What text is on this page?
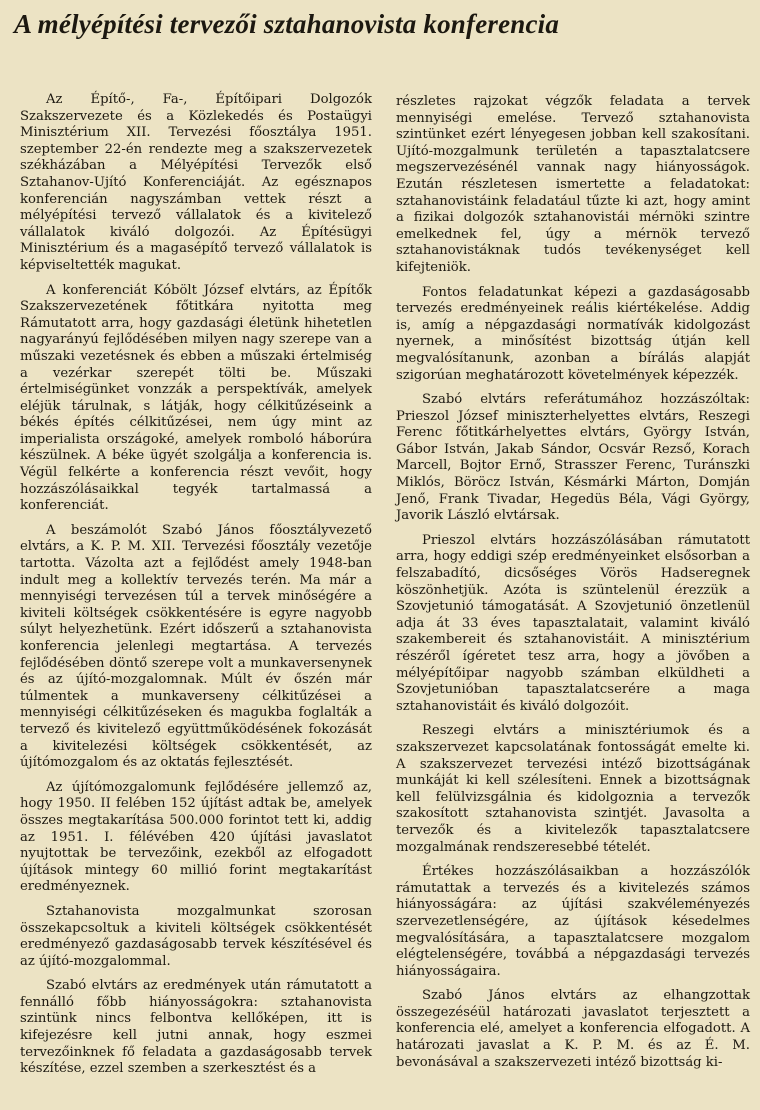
A mélyépítési tervezői sztahanovista konferencia

Az Építő-, Fa-, Építőipari Dolgozók Szakszervezete és a Közlekedés és Postaügyi Minisztérium XII. Tervezési főosztálya 1951. szeptember 22-én rendezte meg a szakszervezetek székházában a Mélyépítési Tervezők első Sztahanov-Ujító Konferenciáját. Az egésznapos konferencián nagyszámban vettek részt a mélyépítési tervező vállalatok és a kivitelező vállalatok kiváló dolgozói. Az Építésügyi Minisztérium és a magasépítő tervező vállalatok is képviseltették magukat.

A konferenciát Kóbölt József elvtárs, az Építők Szakszervezetének főtitkára nyitotta meg Rámutatott arra, hogy gazdasági életünk hihetetlen nagyarányú fejlődésében milyen nagy szerepe van a műszaki vezetésnek és ebben a műszaki értelmiség a vezérkar szerepét tölti be. Műszaki értelmiségünket vonzzák a perspektívák, amelyek eléjük tárulnak, s látják, hogy célkitűzéseink a békés építés célkitűzései, nem úgy mint az imperialista országoké, amelyek romboló háborúra készülnek. A béke ügyét szolgálja a konferencia is. Végül felkérte a konferencia részt vevőit, hogy hozzászólásaikkal tegyék tartalmassá a konferenciát.

A beszámolót Szabó János főosztályvezető elvtárs, a K. P. M. XII. Tervezési főosztály vezetője tartotta. Vázolta azt a fejlődést amely 1948-ban indult meg a kollektív tervezés terén. Ma már a mennyiségi tervezésen túl a tervek minőségére a kiviteli költségek csökkentésére is egyre nagyobb súlyt helyezhetünk. Ezért időszerű a sztahanovista konferencia jelenlegi megtartása. A tervezés fejlődésében döntő szerepe volt a munkaversenynek és az újító-mozgalomnak. Múlt év őszén már túlmentek a munkaverseny célkitűzései a mennyiségi célkitűzéseken és magukba foglalták a tervező és kivitelező együttműködésének fokozását a kivitelezési költségek csökkentését, az újítómozgalom és az oktatás fejlesztését.

Az újítómozgalomunk fejlődésére jellemző az, hogy 1950. II felében 152 újítást adtak be, amelyek összes megtakarítása 500.000 forintot tett ki, addig az 1951. I. félévében 420 újítási javaslatot nyujtottak be tervezőink, ezekből az elfogadott újítások mintegy 60 millió forint megtakarítást eredményeznek.

Sztahanovista mozgalmunkat szorosan összekapcsoltuk a kiviteli költségek csökkentését eredményező gazdaságosabb tervek készítésével és az újító-mozgalommal.

Szabó elvtárs az eredmények után rámutatott a fennálló főbb hiányosságokra: sztahanovista szintünk nincs felbontva kellőképen, itt is kifejezésre kell jutni annak, hogy eszmei tervezőinknek fő feladata a gazdaságosabb tervek készítése, ezzel szemben a szerkesztést és a

részletes rajzokat végzők feladata a tervek mennyiségi emelése. Tervező sztahanovista szintünket ezért lényegesen jobban kell szakosítani. Ujító-mozgalmunk területén a tapasztalatcsere megszervezésénél vannak nagy hiányosságok. Ezután részletesen ismertette a feladatokat: sztahanovistáink feladatául tűzte ki azt, hogy amint a fizikai dolgozók sztahanovistái mérnöki szintre emelkednek fel, úgy a mérnök tervező sztahanovistáknak tudós tevékenységet kell kifejteniök.

Fontos feladatunkat képezi a gazdaságosabb tervezés eredményeinek reális kiértékelése. Addig is, amíg a népgazdasági normatívák kidolgozást nyernek, a minősítést bizottság útján kell megvalósítanunk, azonban a bírálás alapját szigorúan meghatározott követelmények képezzék.

Szabó elvtárs referátumához hozzászóltak: Prieszol József miniszterhelyettes elvtárs, Reszegi Ferenc főtitkárhelyettes elvtárs, György István, Gábor István, Jakab Sándor, Ocsvár Rezső, Korach Marcell, Bojtor Ernő, Strasszer Ferenc, Turánszki Miklós, Böröcz István, Késmárki Márton, Domján Jenő, Frank Tivadar, Hegedüs Béla, Vági György, Javorik László elvtársak.

Prieszol elvtárs hozzászólásában rámutatott arra, hogy eddigi szép eredményeinket elsősorban a felszabadító, dicsőséges Vörös Hadseregnek köszönhetjük. Azóta is szüntelenül érezzük a Szovjetunió támogatását. A Szovjetunió önzetlenül adja át 33 éves tapasztalatait, valamint kiváló szakembereit és sztahanovistáit. A minisztérium részéről ígéretet tesz arra, hogy a jövőben a mélyépítőipar nagyobb számban elküldheti a Szovjetunióban tapasztalatcserére a maga sztahanovistáit és kiváló dolgozóit.

Reszegi elvtárs a minisztériumok és a szakszervezet kapcsolatának fontosságát emelte ki. A szakszervezet tervezési intéző bizottságának munkáját ki kell szélesíteni. Ennek a bizottságnak kell felülvizsgálnia és kidolgoznia a tervezők szakosított sztahanovista szintjét. Javasolta a tervezők és a kivitelezők tapasztalatcsere mozgalmának rendszeresebbé tételét.

Értékes hozzászólásaikban a hozzászólók rámutattak a tervezés és a kivitelezés számos hiányosságára: az újítási szakvéleményezés szervezetlenségére, az újítások késedelmes megvalósítására, a tapasztalatcsere mozgalom elégtelenségére, továbbá a népgazdasági tervezés hiányosságaira.

Szabó János elvtárs az elhangzottak összegezéséül határozati javaslatot terjesztett a konferencia elé, amelyet a konferencia elfogadott. A határozati javaslat a K. P. M. és az É. M. bevonásával a szakszervezeti intéző bizottság ki-
